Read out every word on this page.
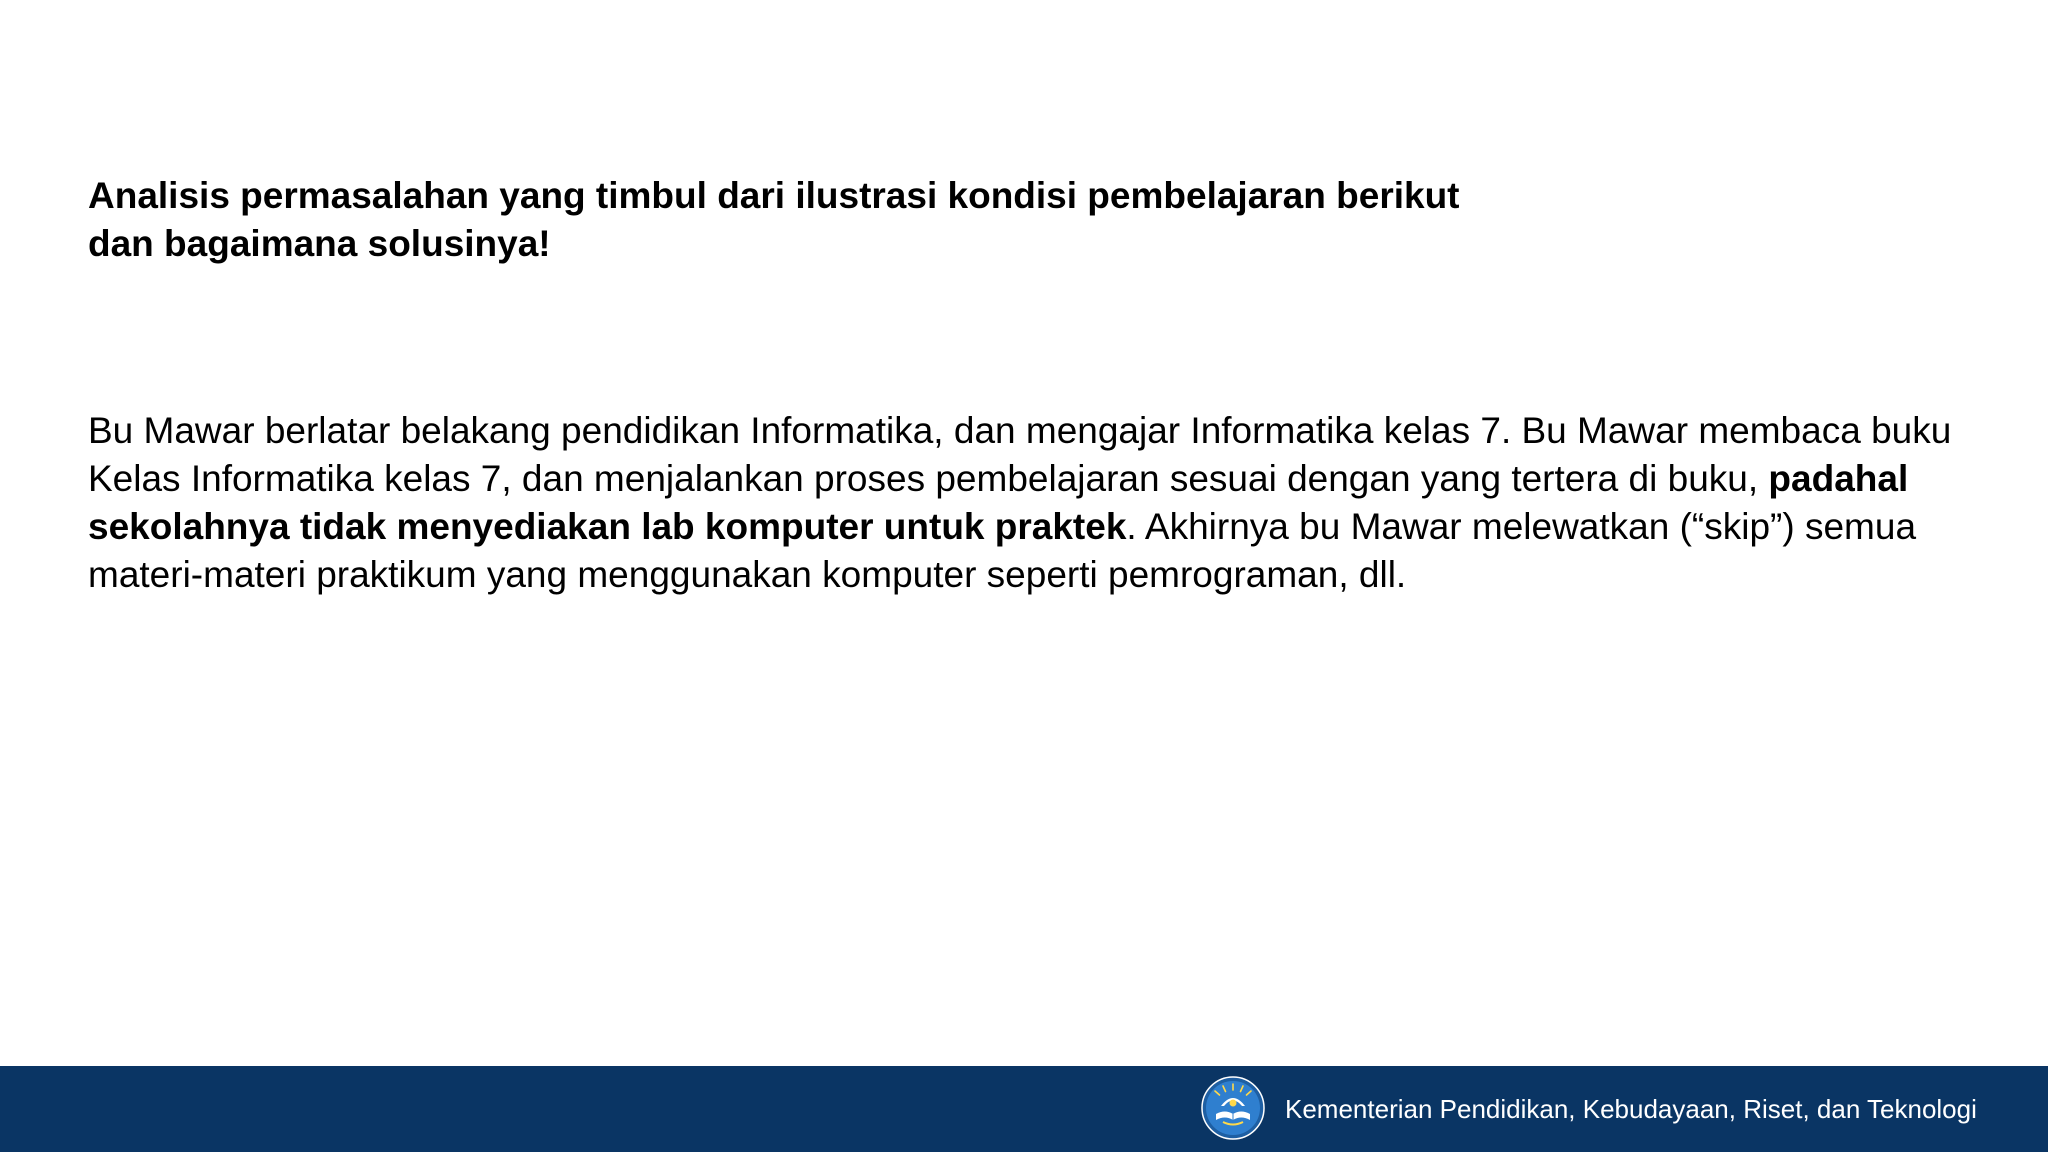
Analisis permasalahan yang timbul dari ilustrasi kondisi pembelajaran berikut
dan bagaimana solusinya!

Bu Mawar berlatar belakang pendidikan Informatika, dan mengajar Informatika kelas 7. Bu Mawar membaca buku Kelas Informatika kelas 7, dan menjalankan proses pembelajaran sesuai dengan yang tertera di buku, padahal sekolahnya tidak menyediakan lab komputer untuk praktek. Akhirnya bu Mawar melewatkan (“skip”) semua materi-materi praktikum yang menggunakan komputer seperti pemrograman, dll.

Kementerian Pendidikan, Kebudayaan, Riset, dan Teknologi
